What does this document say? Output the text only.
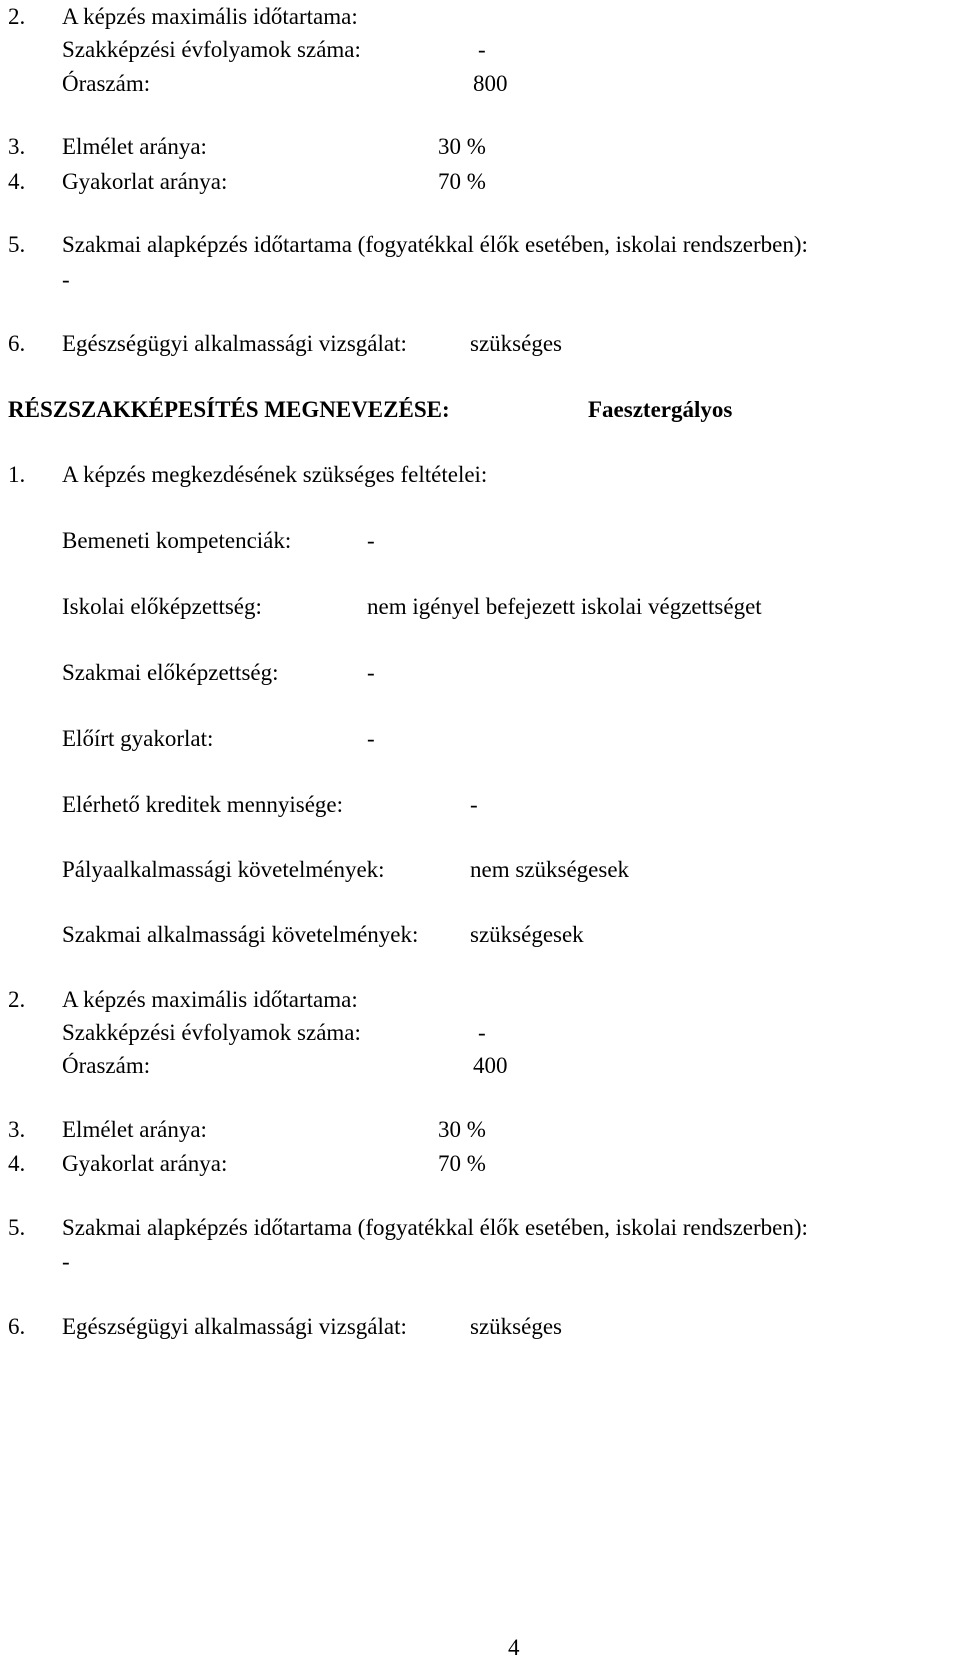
2. A képzés maximális időtartama:
Szakképzési évfolyamok száma:	-
Óraszám:	800
3. Elmélet aránya:	30 %
4. Gyakorlat aránya:	70 %
5. Szakmai alapképzés időtartama (fogyatékkal élők esetében, iskolai rendszerben):
-
6. Egészségügyi alkalmassági vizsgálat:	szükséges
RÉSZSZAKKÉPESÍTÉS MEGNEVEZÉSE:	Faesztergályos
1. A képzés megkezdésének szükséges feltételei:
Bemeneti kompetenciák:	-
Iskolai előképzettség:	nem igényel befejezett iskolai végzettséget
Szakmai előképzettség:	-
Előírt gyakorlat:	-
Elérhető kreditek mennyisége:	-
Pályaalkalmassági követelmények:	nem szükségesek
Szakmai alkalmassági követelmények: szükségesek
2. A képzés maximális időtartama:
Szakképzési évfolyamok száma:	-
Óraszám:	400
3. Elmélet aránya:	30 %
4. Gyakorlat aránya:	70 %
5. Szakmai alapképzés időtartama (fogyatékkal élők esetében, iskolai rendszerben):
-
6. Egészségügyi alkalmassági vizsgálat:	szükséges
4
